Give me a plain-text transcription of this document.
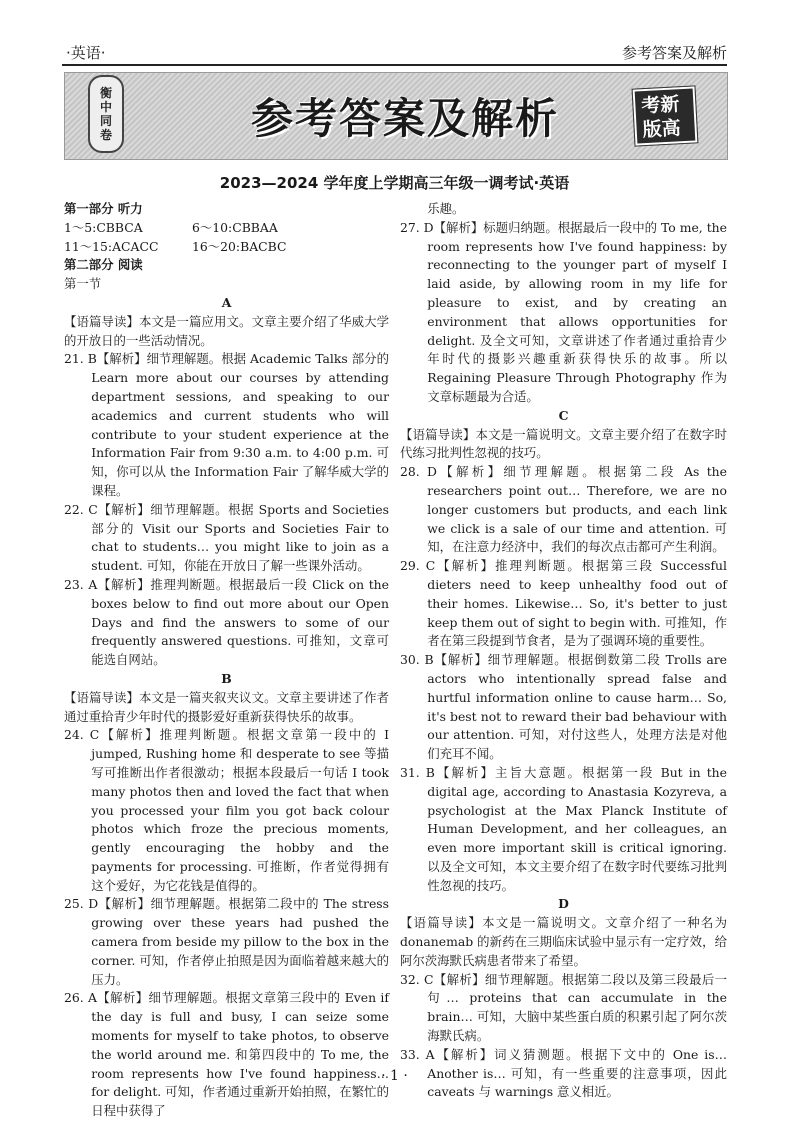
·英语·	参考答案及解析
衡
中
同
卷	参考答案及解析	考新
版高
2023—2024 学年度上学期高三年级一调考试·英语

第一部分 听力

1～5:CBBCA	6～10:CBBAA
11～15:ACACC	16～20:BACBC

第二部分 阅读

第一节

A

【语篇导读】本文是一篇应用文。文章主要介绍了华威大学的开放日的一些活动情况。

21. B【解析】细节理解题。根据 Academic Talks 部分的 Learn more about our courses by attending department sessions, and speaking to our academics and current students who will contribute to your student experience at the Information Fair from 9:30 a.m. to 4:00 p.m. 可知，你可以从 the Information Fair 了解华威大学的课程。

22. C【解析】细节理解题。根据 Sports and Societies 部分的 Visit our Sports and Societies Fair to chat to students… you might like to join as a student. 可知，你能在开放日了解一些课外活动。

23. A【解析】推理判断题。根据最后一段 Click on the boxes below to find out more about our Open Days and find the answers to some of our frequently answered questions. 可推知，文章可能选自网站。

B

【语篇导读】本文是一篇夹叙夹议文。文章主要讲述了作者通过重拾青少年时代的摄影爱好重新获得快乐的故事。

24. C【解析】推理判断题。根据文章第一段中的 I jumped, Rushing home 和 desperate to see 等描写可推断出作者很激动；根据本段最后一句话 I took many photos then and loved the fact that when you processed your film you got back colour photos which froze the precious moments, gently encouraging the hobby and the payments for processing. 可推断，作者觉得拥有这个爱好，为它花钱是值得的。

25. D【解析】细节理解题。根据第二段中的 The stress growing over these years had pushed the camera from beside my pillow to the box in the corner. 可知，作者停止拍照是因为面临着越来越大的压力。

26. A【解析】细节理解题。根据文章第三段中的 Even if the day is full and busy, I can seize some moments for myself to take photos, to observe the world around me. 和第四段中的 To me, the room represents how I've found happiness… for delight. 可知，作者通过重新开始拍照，在繁忙的日程中获得了

乐趣。

27. D【解析】标题归纳题。根据最后一段中的 To me, the room represents how I've found happiness: by reconnecting to the younger part of myself I laid aside, by allowing room in my life for pleasure to exist, and by creating an environment that allows opportunities for delight. 及全文可知，文章讲述了作者通过重拾青少年时代的摄影兴趣重新获得快乐的故事。所以 Regaining Pleasure Through Photography 作为文章标题最为合适。

C

【语篇导读】本文是一篇说明文。文章主要介绍了在数字时代练习批判性忽视的技巧。

28. D【解析】细节理解题。根据第二段 As the researchers point out… Therefore, we are no longer customers but products, and each link we click is a sale of our time and attention. 可知，在注意力经济中，我们的每次点击都可产生利润。

29. C【解析】推理判断题。根据第三段 Successful dieters need to keep unhealthy food out of their homes. Likewise… So, it's better to just keep them out of sight to begin with. 可推知，作者在第三段提到节食者，是为了强调环境的重要性。

30. B【解析】细节理解题。根据倒数第二段 Trolls are actors who intentionally spread false and hurtful information online to cause harm… So, it's best not to reward their bad behaviour with our attention. 可知，对付这些人，处理方法是对他们充耳不闻。

31. B【解析】主旨大意题。根据第一段 But in the digital age, according to Anastasia Kozyreva, a psychologist at the Max Planck Institute of Human Development, and her colleagues, an even more important skill is critical ignoring. 以及全文可知，本文主要介绍了在数字时代要练习批判性忽视的技巧。

D

【语篇导读】本文是一篇说明文。文章介绍了一种名为 donanemab 的新药在三期临床试验中显示有一定疗效，给阿尔茨海默氏病患者带来了希望。

32. C【解析】细节理解题。根据第二段以及第三段最后一句… proteins that can accumulate in the brain… 可知，大脑中某些蛋白质的积累引起了阿尔茨海默氏病。

33. A【解析】词义猜测题。根据下文中的 One is… Another is… 可知，有一些重要的注意事项，因此 caveats 与 warnings 意义相近。

· 1 ·
